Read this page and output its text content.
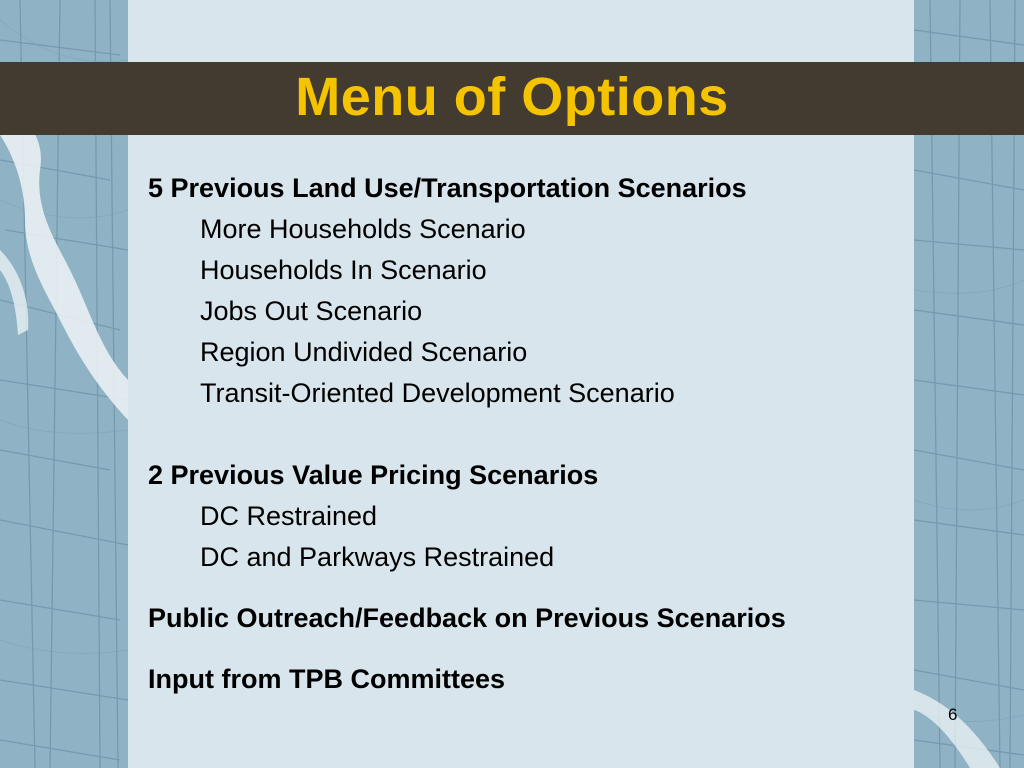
Menu of Options
5 Previous Land Use/Transportation Scenarios
More Households Scenario
Households In Scenario
Jobs Out Scenario
Region Undivided Scenario
Transit-Oriented Development Scenario
2 Previous Value Pricing Scenarios
DC Restrained
DC and Parkways Restrained
Public Outreach/Feedback on Previous Scenarios
Input from TPB Committees
6
